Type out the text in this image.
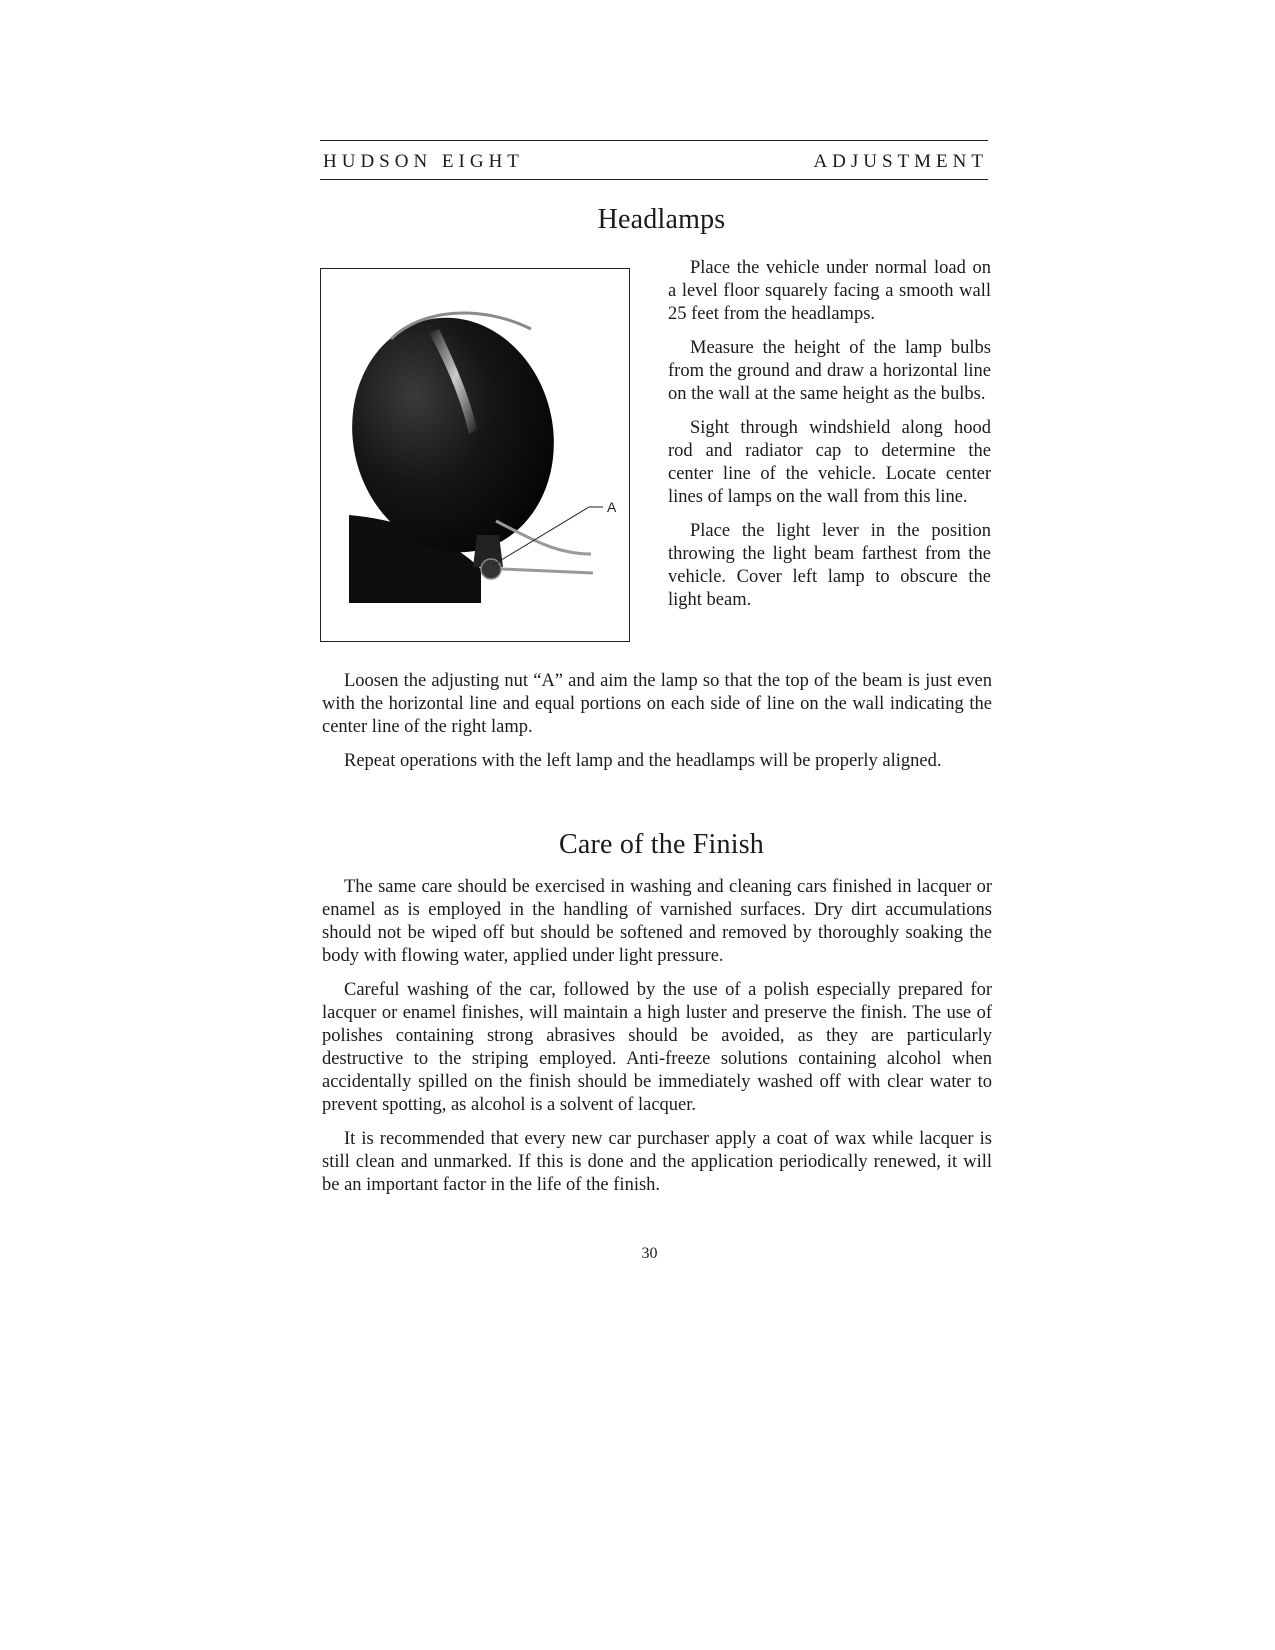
HUDSON EIGHT	ADJUSTMENT
Headlamps
A

Place the vehicle under normal load on a level floor squarely facing a smooth wall 25 feet from the headlamps.

Measure the height of the lamp bulbs from the ground and draw a horizontal line on the wall at the same height as the bulbs.

Sight through windshield along hood rod and radiator cap to determine the center line of the vehicle. Locate center lines of lamps on the wall from this line.

Place the light lever in the position throwing the light beam farthest from the vehicle. Cover left lamp to obscure the light beam.

Loosen the adjusting nut “A” and aim the lamp so that the top of the beam is just even with the horizontal line and equal portions on each side of line on the wall indicating the center line of the right lamp.

Repeat operations with the left lamp and the headlamps will be properly aligned.

Care of the Finish

The same care should be exercised in washing and cleaning cars finished in lacquer or enamel as is employed in the handling of varnished surfaces. Dry dirt accumulations should not be wiped off but should be softened and removed by thoroughly soaking the body with flowing water, applied under light pressure.

Careful washing of the car, followed by the use of a polish especially prepared for lacquer or enamel finishes, will maintain a high luster and preserve the finish. The use of polishes containing strong abrasives should be avoided, as they are particularly destructive to the striping employed. Anti-freeze solutions containing alcohol when accidentally spilled on the finish should be immediately washed off with clear water to prevent spotting, as alcohol is a solvent of lacquer.

It is recommended that every new car purchaser apply a coat of wax while lacquer is still clean and unmarked. If this is done and the application periodically renewed, it will be an important factor in the life of the finish.

30
